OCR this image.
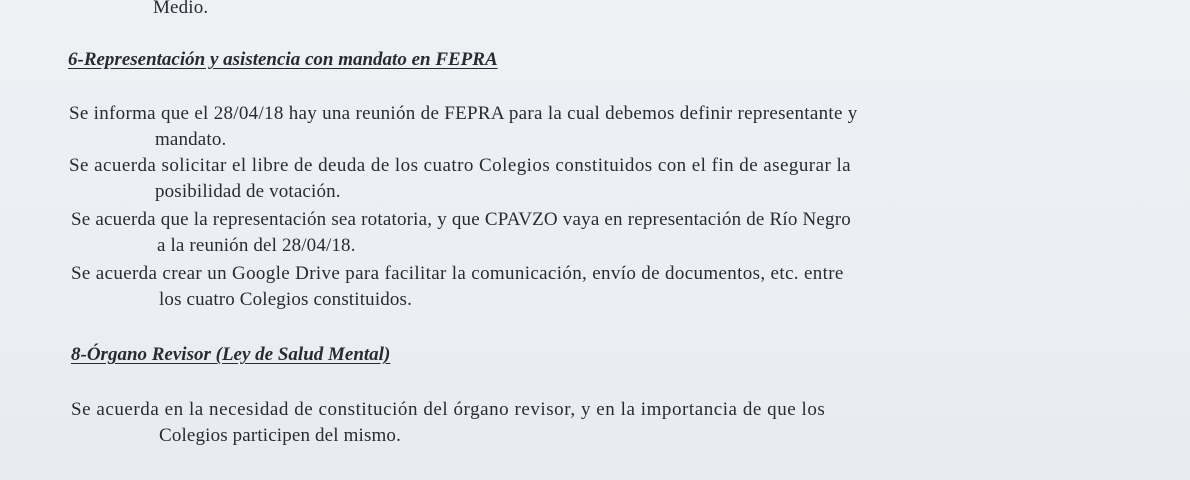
Medio.
6-Representación y asistencia con mandato en FEPRA
Se informa que el 28/04/18 hay una reunión de FEPRA para la cual debemos definir representante y
mandato.
Se acuerda solicitar el libre de deuda de los cuatro Colegios constituidos con el fin de asegurar la
posibilidad de votación.
Se acuerda que la representación sea rotatoria, y que CPAVZO vaya en representación de Río Negro
a la reunión del 28/04/18.
Se acuerda crear un Google Drive para facilitar la comunicación, envío de documentos, etc. entre
los cuatro Colegios constituidos.
8-Órgano Revisor (Ley de Salud Mental)
Se acuerda en la necesidad de constitución del órgano revisor, y en la importancia de que los
Colegios participen del mismo.
